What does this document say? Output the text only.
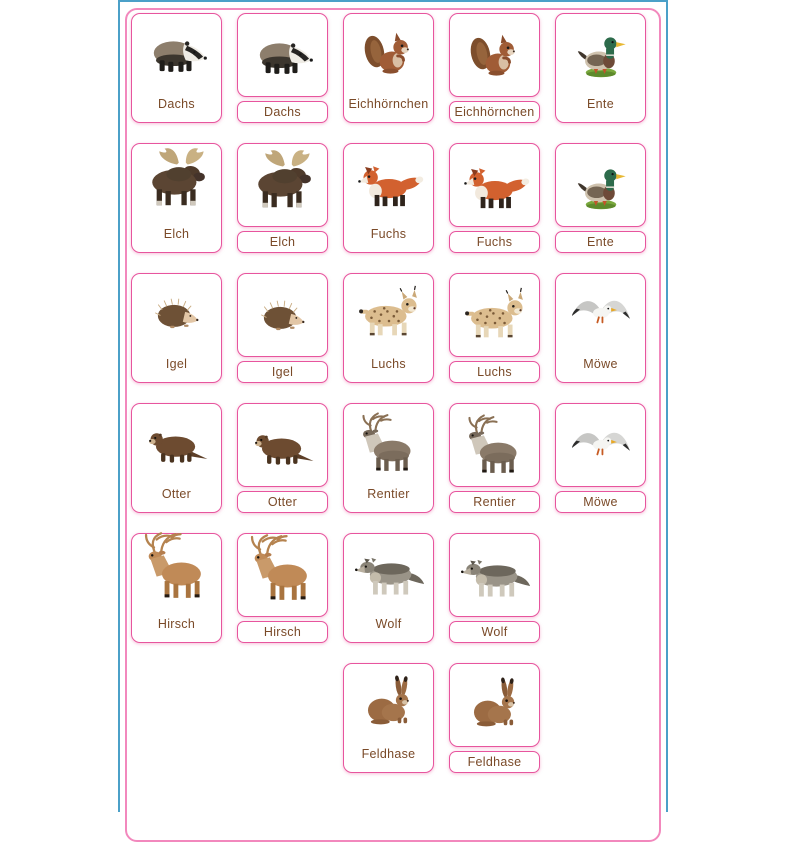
Dachs
Dachs
Eichhörnchen
Eichhörnchen
Ente
Elch
Elch
Fuchs
Fuchs	Ente
Igel
Igel
Luchs
Luchs
Möwe
Otter
Otter
Rentier
Rentier	Möwe
Hirsch
Hirsch
Wolf
Wolf
Feldhase
Feldhase
